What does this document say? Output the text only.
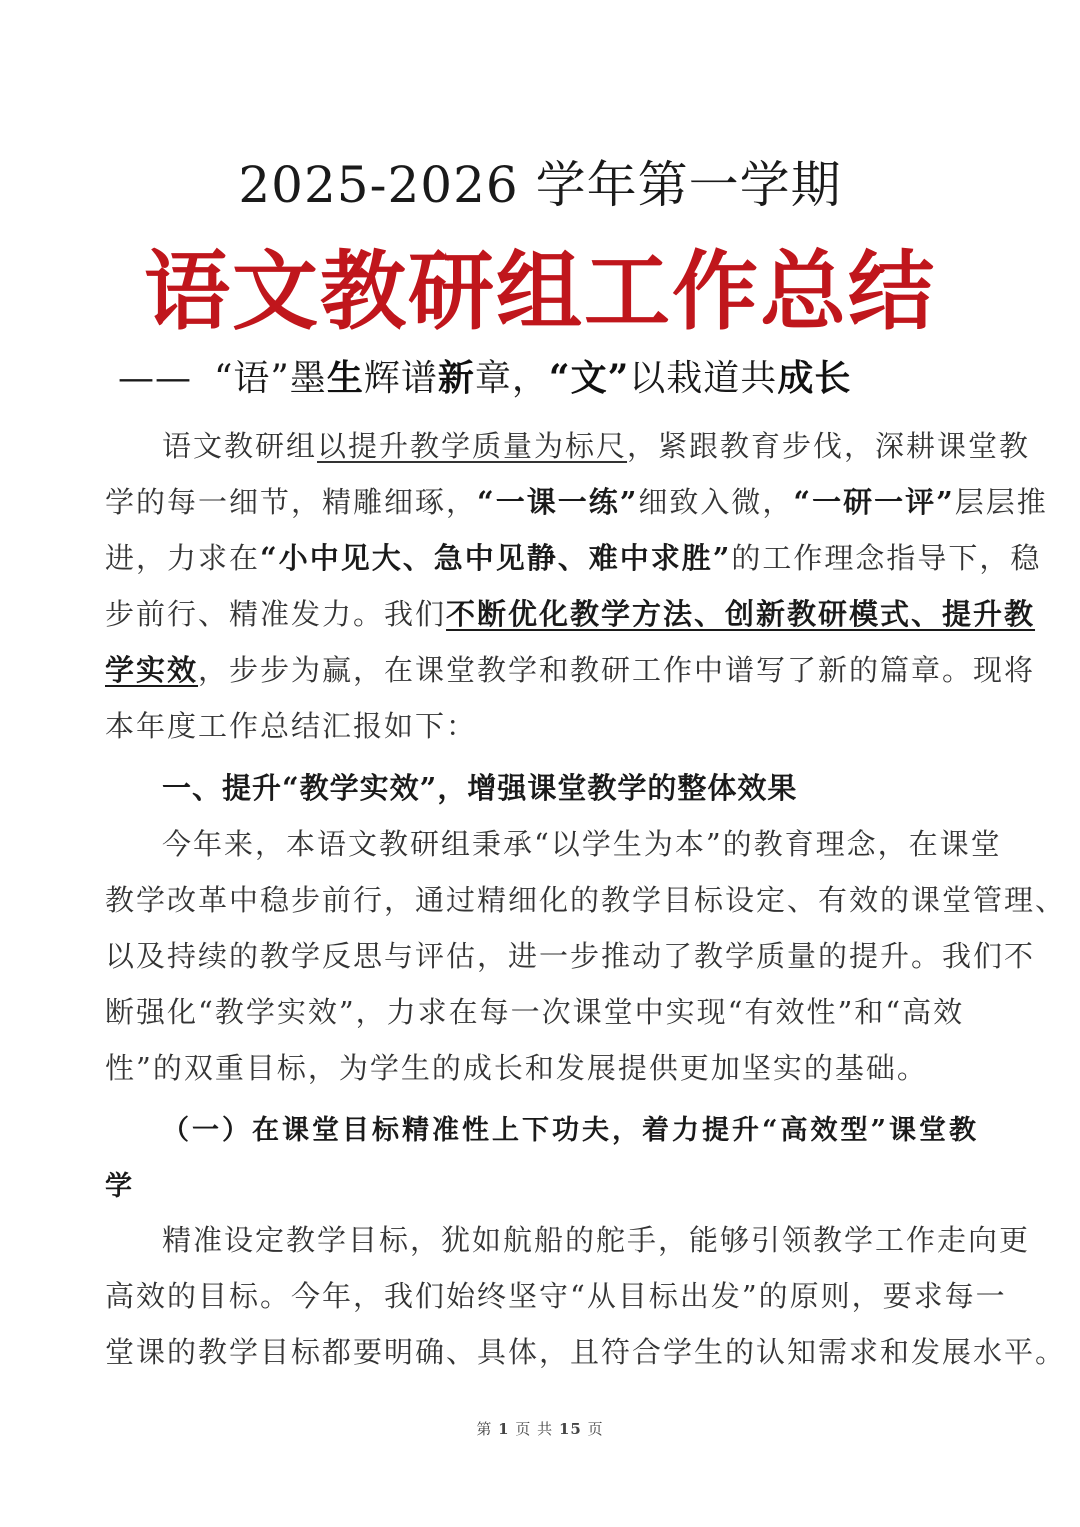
2025-2026 学年第一学期
语文教研组工作总结
—— “语”墨生辉谱新章，“文”以栽道共成长
语文教研组以提升教学质量为标尺，紧跟教育步伐，深耕课堂教
学的每一细节，精雕细琢，“一课一练”细致入微，“一研一评”层层推
进，力求在“小中见大、急中见静、难中求胜”的工作理念指导下，稳
步前行、精准发力。我们不断优化教学方法、创新教研模式、提升教
学实效，步步为赢，在课堂教学和教研工作中谱写了新的篇章。现将
本年度工作总结汇报如下：
一、提升“教学实效”，增强课堂教学的整体效果
今年来，本语文教研组秉承“以学生为本”的教育理念，在课堂
教学改革中稳步前行，通过精细化的教学目标设定、有效的课堂管理、
以及持续的教学反思与评估，进一步推动了教学质量的提升。我们不
断强化“教学实效”，力求在每一次课堂中实现“有效性”和“高效
性”的双重目标，为学生的成长和发展提供更加坚实的基础。
（一）在课堂目标精准性上下功夫，着力提升“高效型”课堂教
学
精准设定教学目标，犹如航船的舵手，能够引领教学工作走向更
高效的目标。今年，我们始终坚守“从目标出发”的原则，要求每一
堂课的教学目标都要明确、具体，且符合学生的认知需求和发展水平。
第 1 页 共 15 页
